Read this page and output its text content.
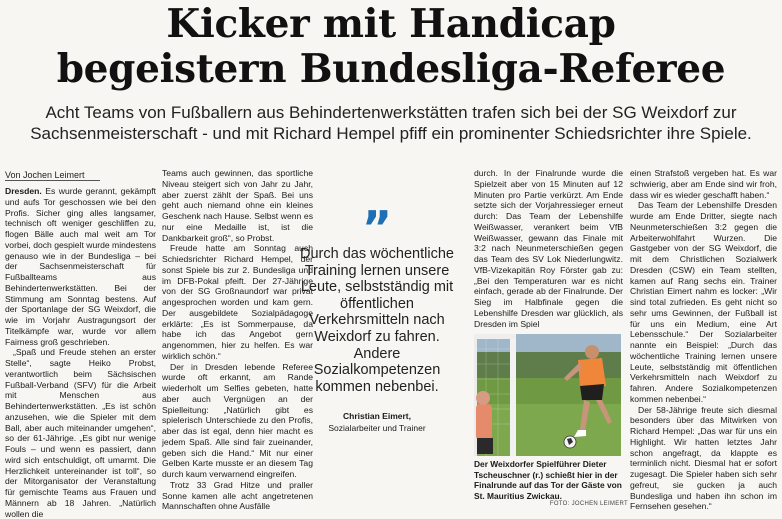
Kicker mit Handicap
begeistern Bundesliga-Referee
Acht Teams von Fußballern aus Behindertenwerkstätten trafen sich bei der SG Weixdorf zur
Sachsenmeisterschaft - und mit Richard Hempel pfiff ein prominenter Schiedsrichter ihre Spiele.
Von Jochen Leimert

Dresden. Es wurde gerannt, gekämpft und aufs Tor geschossen wie bei den Profis. Sicher ging alles langsamer, technisch oft weniger geschliffen zu, flogen Bälle auch mal weit am Tor vorbei, doch gespielt wurde mindestens genauso wie in der Bundesliga – bei der Sachsenmeisterschaft für Fußballteams aus Behindertenwerkstätten. Bei der Stimmung am Sonntag bestens. Auf der Sportanlage der SG Weixdorf, die wie im Vorjahr Austragungsort der Titelkämpfe war, wurde vor allem Fairness groß geschrieben.

„Spaß und Freude stehen an erster Stelle“, sagte Heiko Probst, verantwortlich beim Sächsischen Fußball-Verband (SFV) für die Arbeit mit Menschen aus Behindertenwerkstätten. „Es ist schön anzusehen, wie die Spieler mit dem Ball, aber auch miteinander umgehen“, so der 61-Jährige. „Es gibt nur wenige Fouls – und wenn es passiert, dann wird sich entschuldigt, oft umarmt. Die Herzlichkeit untereinander ist toll“, so der Mitorganisator der Veranstaltung für gemischte Teams aus Frauen und Männern ab 18 Jahren. „Natürlich wollen die

Teams auch gewinnen, das sportliche Niveau steigert sich von Jahr zu Jahr, aber zuerst zählt der Spaß. Bei uns geht auch niemand ohne ein kleines Geschenk nach Hause. Selbst wenn es nur eine Medaille ist, ist die Dankbarkeit groß“, so Probst.

Freude hatte am Sonntag auch Schiedsrichter Richard Hempel, der sonst Spiele bis zur 2. Bundesliga und im DFB-Pokal pfeift. Der 27-Jährige von der SG Großnaundorf war privat angesprochen worden und kam gern. Der ausgebildete Sozialpädagoge erklärte: „Es ist Sommerpause, da habe ich das Angebot gern angenommen, hier zu helfen. Es war wirklich schön.“

Der in Dresden lebende Referee wurde oft erkannt, am Rande wiederholt um Selfies gebeten, hatte aber auch Vergnügen an der Spielleitung: „Natürlich gibt es spielerisch Unterschiede zu den Profis, aber das ist egal, denn hier macht es jedem Spaß. Alle sind fair zueinander, geben sich die Hand.“ Mit nur einer Gelben Karte musste er an diesem Tag durch kaum verwarnend eingreifen.

Trotz 33 Grad Hitze und praller Sonne kamen alle acht angetretenen Mannschaften ohne Ausfälle

”
Durch das wöchentliche Training lernen unsere Leute, selbstständig mit öffentlichen Verkehrsmitteln nach Weixdorf zu fahren. Andere Sozialkompetenzen kommen nebenbei.
Christian Eimert,
Sozialarbeiter und Trainer

durch. In der Finalrunde wurde die Spielzeit aber von 15 Minuten auf 12 Minuten pro Partie verkürzt. Am Ende setzte sich der Vorjahressieger erneut durch: Das Team der Lebenshilfe Weißwasser, verankert beim VfB Weißwasser, gewann das Finale mit 3:2 nach Neunmeterschießen gegen das Team des SV Lok Niederlungwitz. VfB-Vizekapitän Roy Förster gab zu: „Bei den Temperaturen war es nicht einfach, gerade ab der Finalrunde. Der Sieg im Halbfinale gegen die Lebenshilfe Dresden war glücklich, als Dresden im Spiel

Der Weixdorfer Spielführer Dieter Tscheuschner (r.) schießt hier in der Finalrunde auf das Tor der Gäste von St. Mauritius Zwickau.
FOTO: JOCHEN LEIMERT

einen Strafstoß vergeben hat. Es war schwierig, aber am Ende sind wir froh, dass wir es wieder geschafft haben.“

Das Team der Lebenshilfe Dresden wurde am Ende Dritter, siegte nach Neunmeterschießen 3:2 gegen die Arbeiterwohlfahrt Wurzen. Die Gastgeber von der SG Weixdorf, die mit dem Christlichen Sozialwerk Dresden (CSW) ein Team stellten, kamen auf Rang sechs ein. Trainer Christian Eimert nahm es locker: „Wir sind total zufrieden. Es geht nicht so sehr ums Gewinnen, der Fußball ist für uns ein Medium, eine Art Lebensschule.“ Der Sozialarbeiter nannte ein Beispiel: „Durch das wöchentliche Training lernen unsere Leute, selbstständig mit öffentlichen Verkehrsmitteln nach Weixdorf zu fahren. Andere Sozialkompetenzen kommen nebenbei.“

Der 58-Jährige freute sich diesmal besonders über das Mitwirken von Richard Hempel: „Das war für uns ein Highlight. Wir hatten letztes Jahr schon angefragt, da klappte es terminlich nicht. Diesmal hat er sofort zugesagt. Die Spieler haben sich sehr gefreut, sie gucken ja auch Bundesliga und haben ihn schon im Fernsehen gesehen.“
